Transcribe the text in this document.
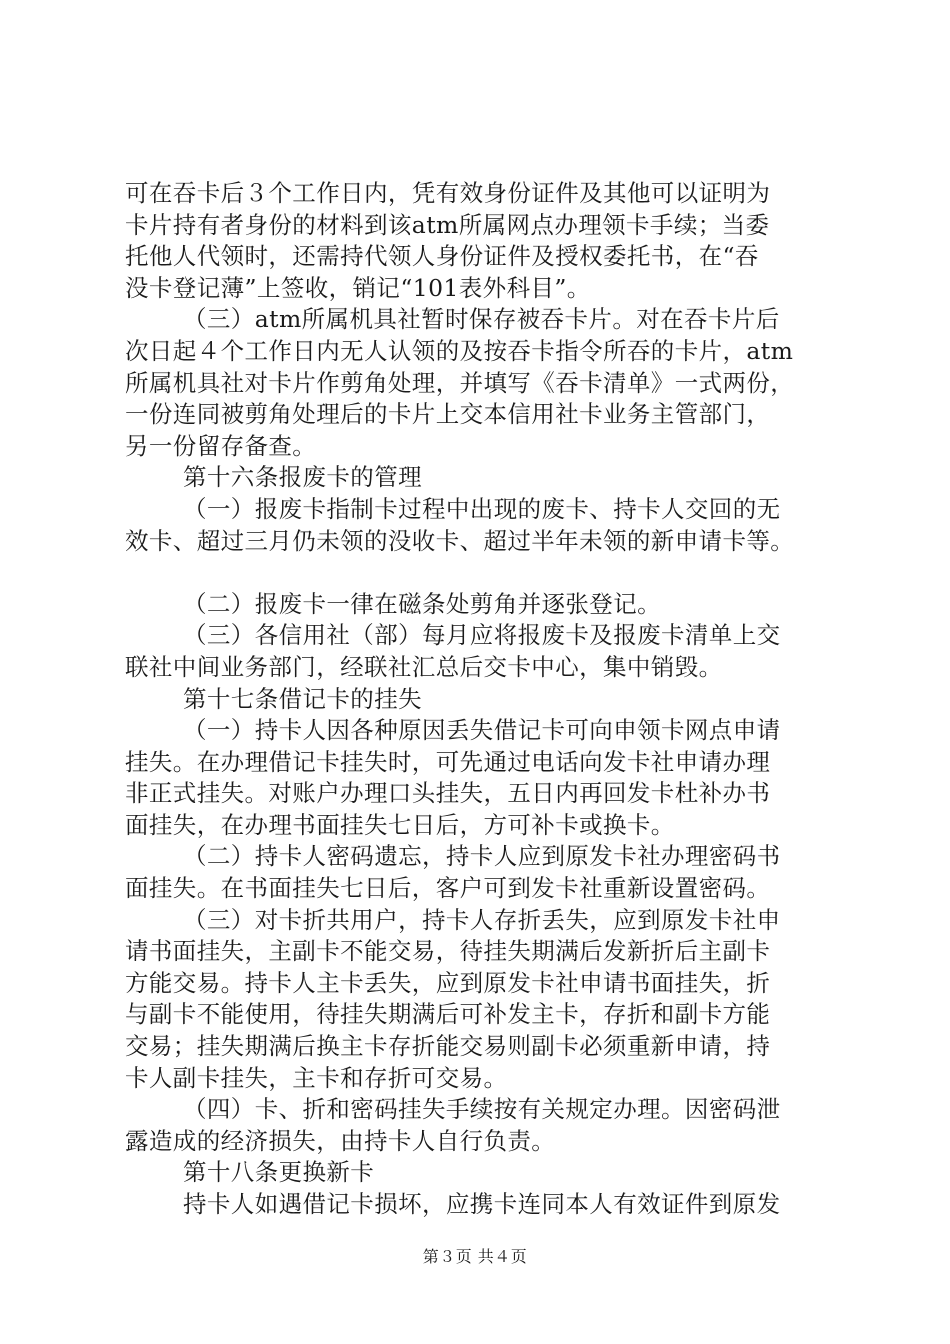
可在吞卡后３个工作日内，凭有效身份证件及其他可以证明为
卡片持有者身份的材料到该atm所属网点办理领卡手续；当委
托他人代领时，还需持代领人身份证件及授权委托书，在“吞
没卡登记薄”上签收，销记“101表外科目”。
（三）atm所属机具社暂时保存被吞卡片。对在吞卡片后
次日起４个工作日内无人认领的及按吞卡指令所吞的卡片，atm
所属机具社对卡片作剪角处理，并填写《吞卡清单》一式两份，
一份连同被剪角处理后的卡片上交本信用社卡业务主管部门，
另一份留存备查。
第十六条报废卡的管理
（一）报废卡指制卡过程中出现的废卡、持卡人交回的无
效卡、超过三月仍未领的没收卡、超过半年未领的新申请卡等。
（二）报废卡一律在磁条处剪角并逐张登记。
（三）各信用社（部）每月应将报废卡及报废卡清单上交
联社中间业务部门，经联社汇总后交卡中心，集中销毁。
第十七条借记卡的挂失
（一）持卡人因各种原因丢失借记卡可向申领卡网点申请
挂失。在办理借记卡挂失时，可先通过电话向发卡社申请办理
非正式挂失。对账户办理口头挂失，五日内再回发卡杜补办书
面挂失，在办理书面挂失七日后，方可补卡或换卡。
（二）持卡人密码遗忘，持卡人应到原发卡社办理密码书
面挂失。在书面挂失七日后，客户可到发卡社重新设置密码。
（三）对卡折共用户，持卡人存折丢失，应到原发卡社申
请书面挂失，主副卡不能交易，待挂失期满后发新折后主副卡
方能交易。持卡人主卡丢失，应到原发卡社申请书面挂失，折
与副卡不能使用，待挂失期满后可补发主卡，存折和副卡方能
交易；挂失期满后换主卡存折能交易则副卡必须重新申请，持
卡人副卡挂失，主卡和存折可交易。
（四）卡、折和密码挂失手续按有关规定办理。因密码泄
露造成的经济损失，由持卡人自行负责。
第十八条更换新卡
持卡人如遇借记卡损坏，应携卡连同本人有效证件到原发
第３页 共４页
